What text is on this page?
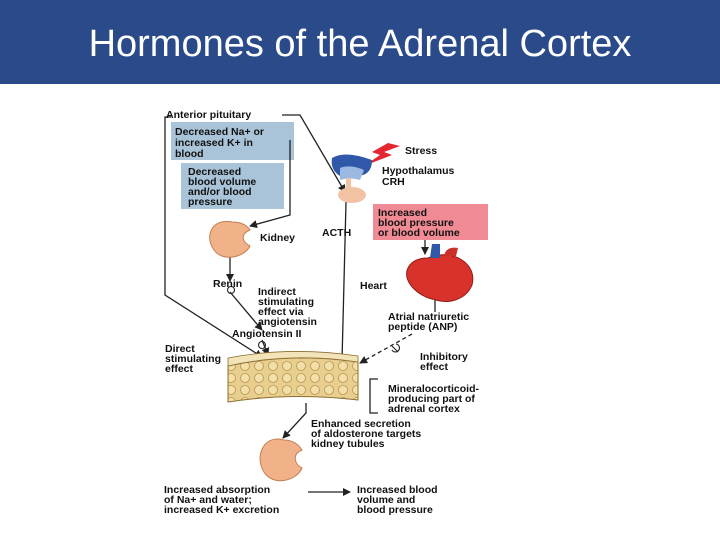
Hormones of the Adrenal Cortex
Anterior pituitary
Decreased Na+ or
increased K+ in
blood
Decreased
blood volume
and/or blood
pressure
Kidney
Renin
Indirect
stimulating
effect via
angiotensin
Angiotensin II
Direct
stimulating
effect
Stress
Hypothalamus
CRH
ACTH
Increased
blood pressure
or blood volume
Heart
Atrial natriuretic
peptide (ANP)
Inhibitory
effect
Mineralocorticoid-
producing part of
adrenal cortex
Enhanced secretion
of aldosterone targets
kidney tubules
Increased absorption
of Na+ and water;
increased K+ excretion
Increased blood
volume and
blood pressure
